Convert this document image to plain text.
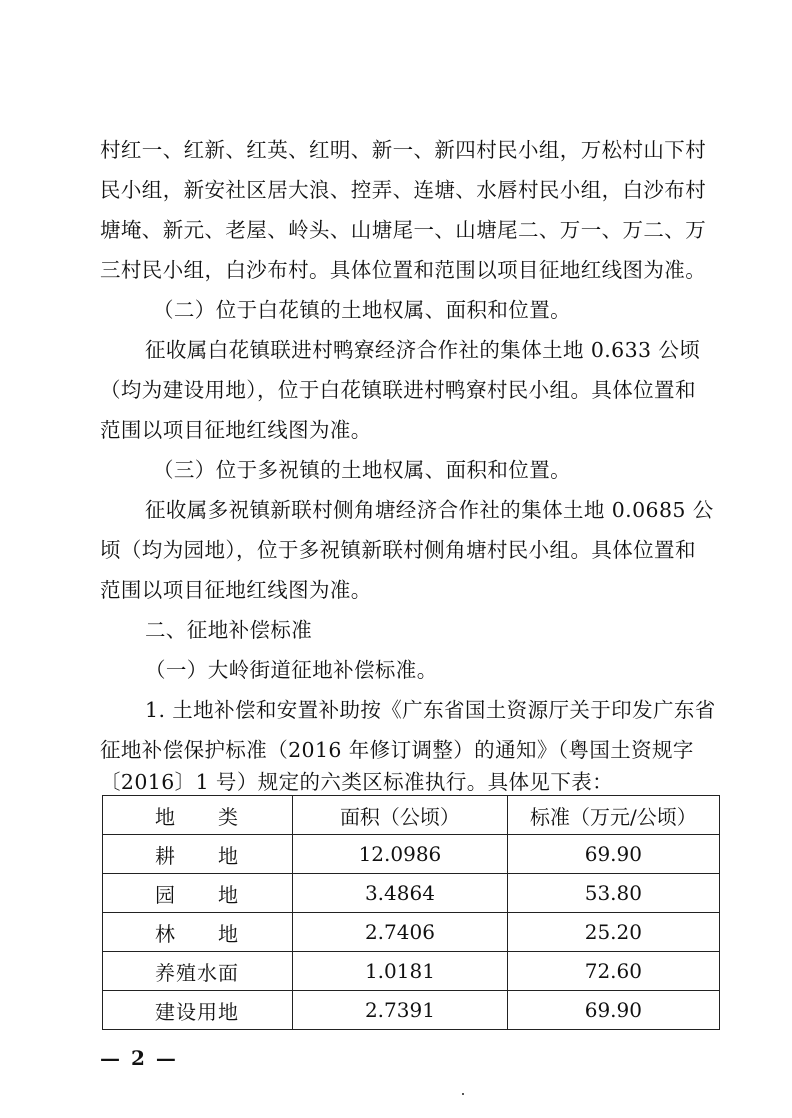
村红一、红新、红英、红明、新一、新四村民小组，万松村山下村
民小组，新安社区居大浪、控弄、连塘、水唇村民小组，白沙布村
塘埯、新元、老屋、岭头、山塘尾一、山塘尾二、万一、万二、万
三村民小组，白沙布村。具体位置和范围以项目征地红线图为准。
（二）位于白花镇的土地权属、面积和位置。
征收属白花镇联进村鸭寮经济合作社的集体土地 0.633 公顷
（均为建设用地），位于白花镇联进村鸭寮村民小组。具体位置和
范围以项目征地红线图为准。
（三）位于多祝镇的土地权属、面积和位置。
征收属多祝镇新联村侧角塘经济合作社的集体土地 0.0685 公
顷（均为园地），位于多祝镇新联村侧角塘村民小组。具体位置和
范围以项目征地红线图为准。
二、征地补偿标准
（一）大岭街道征地补偿标准。
1. 土地补偿和安置补助按《广东省国土资源厅关于印发广东省
征地补偿保护标准（2016 年修订调整）的通知》（粤国土资规字
〔2016〕1 号）规定的六类区标准执行。具体见下表：
地　　类	面积（公顷）	标准（万元/公顷）
耕　　地	12.0986	69.90
园　　地	3.4864	53.80
林　　地	2.7406	25.20
养殖水面	1.0181	72.60
建设用地	2.7391	69.90
— 2 —
